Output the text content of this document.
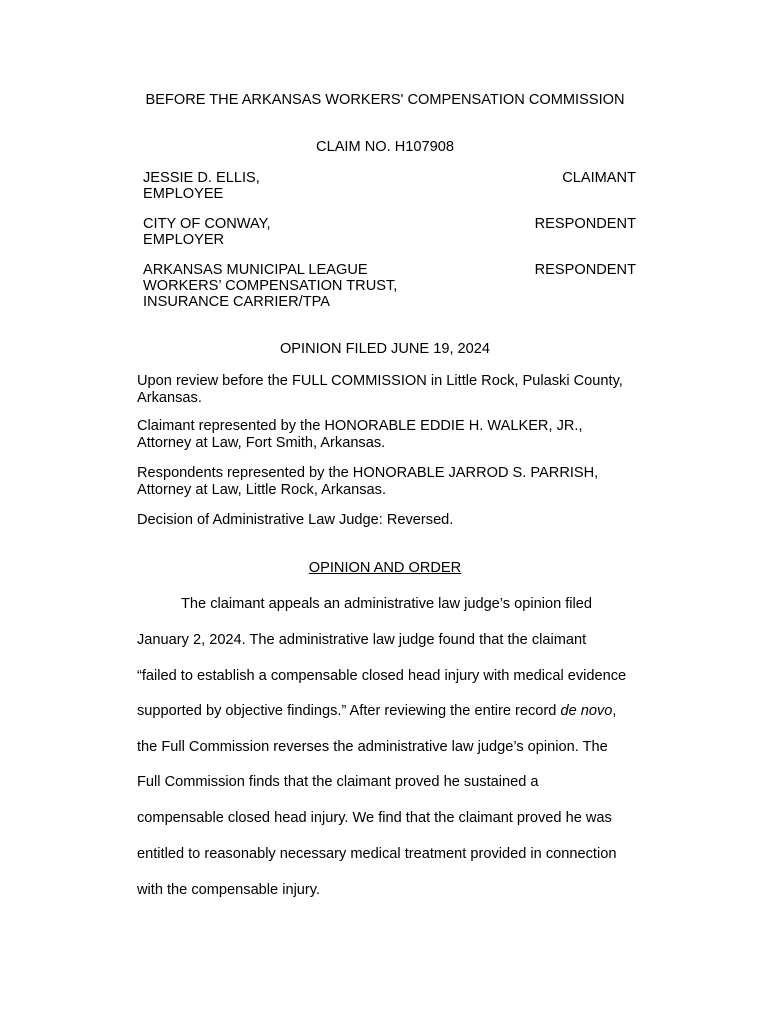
BEFORE THE ARKANSAS WORKERS' COMPENSATION COMMISSION
CLAIM NO. H107908
JESSIE D. ELLIS,
EMPLOYEE
CLAIMANT
CITY OF CONWAY,
EMPLOYER
RESPONDENT
ARKANSAS MUNICIPAL LEAGUE
WORKERS’ COMPENSATION TRUST,
INSURANCE CARRIER/TPA
RESPONDENT
OPINION FILED JUNE 19, 2024
Upon review before the FULL COMMISSION in Little Rock, Pulaski County,
Arkansas.
Claimant represented by the HONORABLE EDDIE H. WALKER, JR.,
Attorney at Law, Fort Smith, Arkansas.
Respondents represented by the HONORABLE JARROD S. PARRISH,
Attorney at Law, Little Rock, Arkansas.
Decision of Administrative Law Judge: Reversed.
OPINION AND ORDER
The claimant appeals an administrative law judge’s opinion filed
January 2, 2024. The administrative law judge found that the claimant
“failed to establish a compensable closed head injury with medical evidence
supported by objective findings.” After reviewing the entire record de novo,
the Full Commission reverses the administrative law judge’s opinion. The
Full Commission finds that the claimant proved he sustained a
compensable closed head injury. We find that the claimant proved he was
entitled to reasonably necessary medical treatment provided in connection
with the compensable injury.
